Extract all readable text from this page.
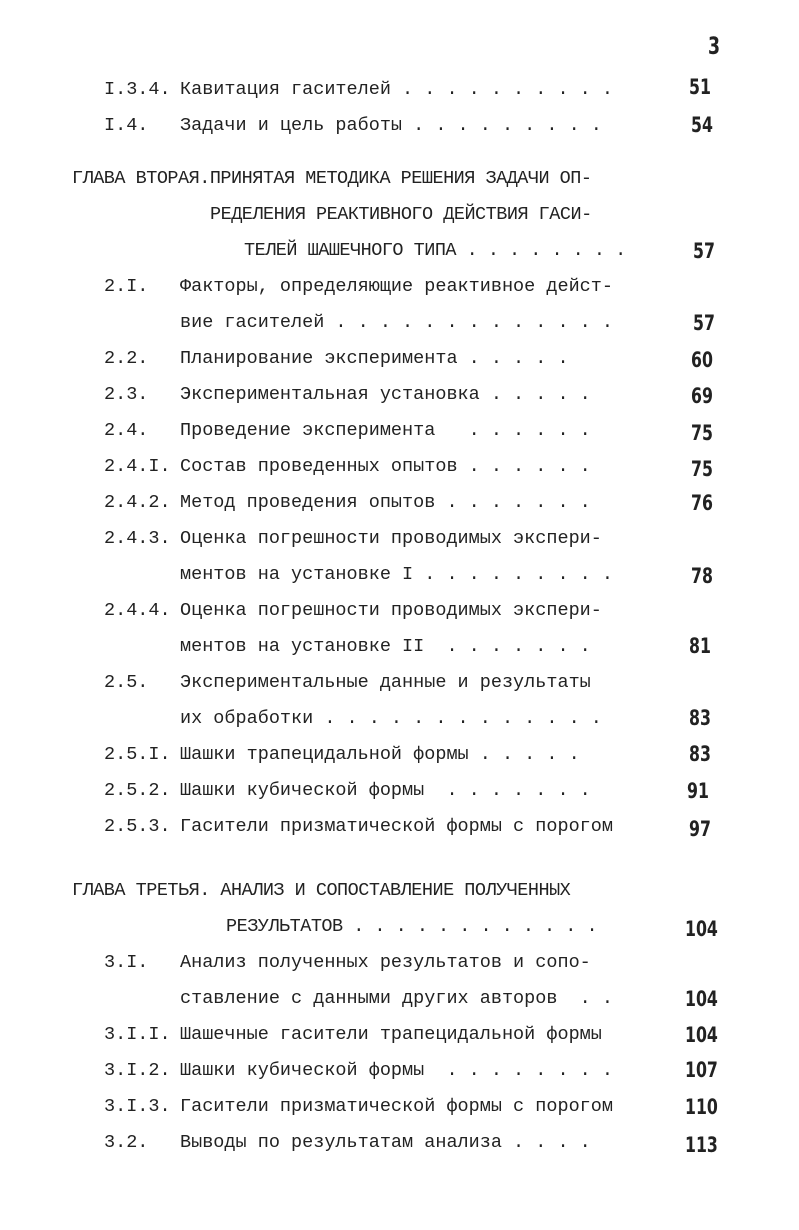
3
I.3.4. Кавитация гасителей . . . . . . . . . .	51
I.4. Задачи и цель работы . . . . . . . . .	54
ГЛАВА ВТОРАЯ.ПРИНЯТАЯ МЕТОДИКА РЕШЕНИЯ ЗАДАЧИ ОП-
РЕДЕЛЕНИЯ РЕАКТИВНОГО ДЕЙСТВИЯ ГАСИ-
ТЕЛЕЙ ШАШЕЧНОГО ТИПА . . . . . . . .	57
2.I. Факторы, определяющие реактивное дейст-
вие гасителей . . . . . . . . . . . . .	57
2.2. Планирование эксперимента . . . . .	60
2.3. Экспериментальная установка . . . . .	69
2.4. Проведение эксперимента   . . . . . .	75
2.4.I. Состав проведенных опытов . . . . . .	75
2.4.2. Метод проведения опытов . . . . . . .	76
2.4.3. Оценка погрешности проводимых экспери-
ментов на установке I . . . . . . . . .	78
2.4.4. Оценка погрешности проводимых экспери-
ментов на установке II  . . . . . . .	81
2.5. Экспериментальные данные и результаты
их обработки . . . . . . . . . . . . .	83
2.5.I. Шашки трапецидальной формы . . . . .	83
2.5.2. Шашки кубической формы  . . . . . . .	91
2.5.3. Гасители призматической формы с порогом	97
ГЛАВА ТРЕТЬЯ. АНАЛИЗ И СОПОСТАВЛЕНИЕ ПОЛУЧЕННЫХ
РЕЗУЛЬТАТОВ . . . . . . . . . . . .	104
3.I. Анализ полученных результатов и сопо-
ставление с данными других авторов  . .	104
3.I.I. Шашечные гасители трапецидальной формы	104
3.I.2. Шашки кубической формы  . . . . . . . .	107
3.I.3. Гасители призматической формы с порогом	110
3.2. Выводы по результатам анализа . . . .	113
